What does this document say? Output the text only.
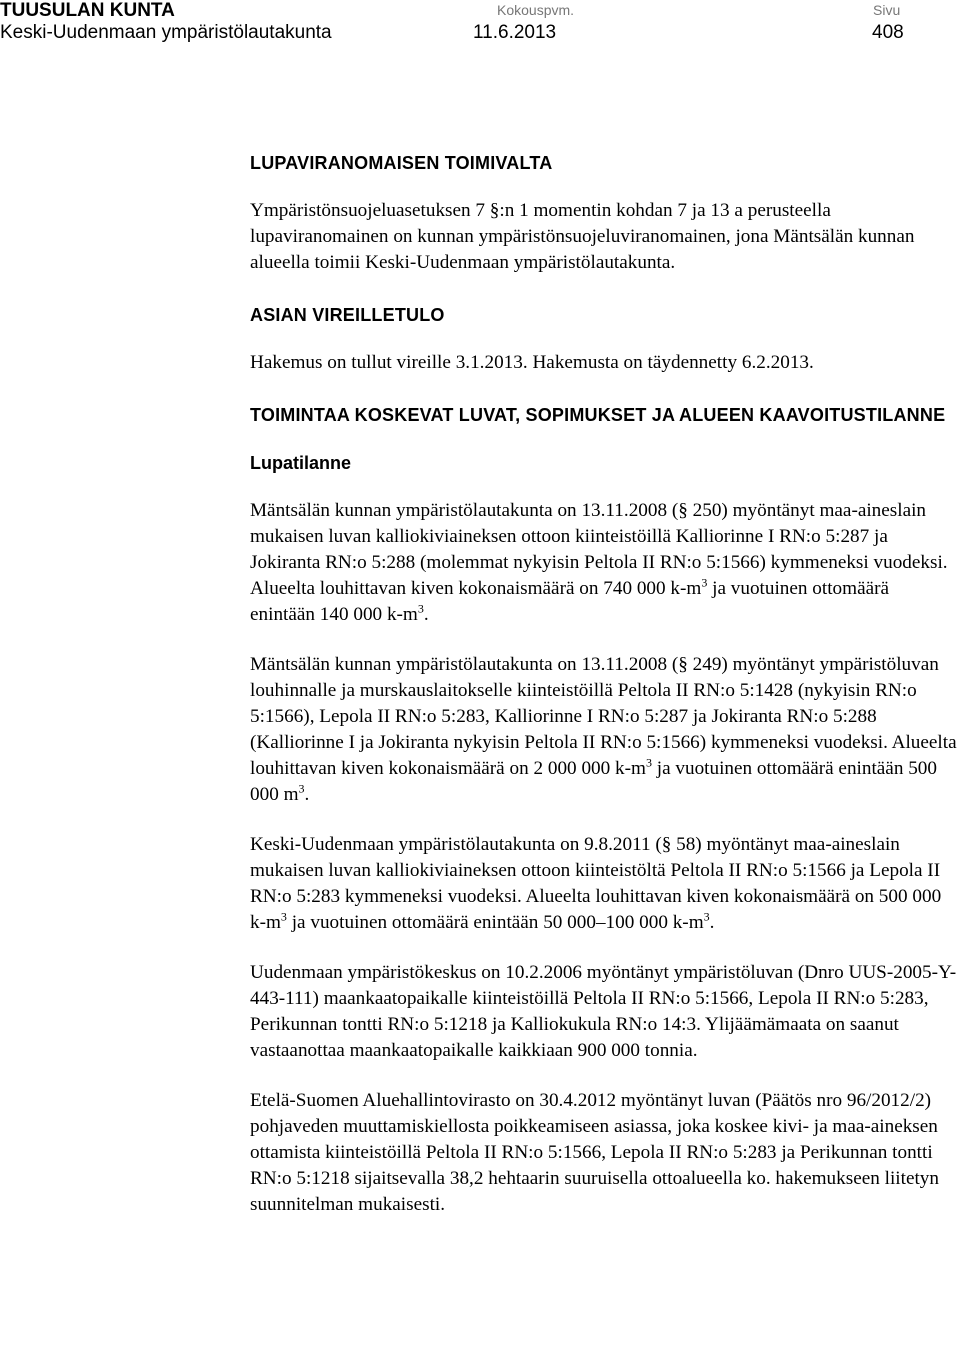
TUUSULAN KUNTA
Keski-Uudenmaan ympäristölautakunta
Kokouspvm.
11.6.2013
Sivu
408
LUPAVIRANOMAISEN TOIMIVALTA

Ympäristönsuojeluasetuksen 7 §:n 1 momentin kohdan 7 ja 13 a perusteella lupaviranomainen on kunnan ympäristönsuojeluviranomainen, jona Mäntsälän kunnan alueella toimii Keski-Uudenmaan ympäristölautakunta.

ASIAN VIREILLETULO

Hakemus on tullut vireille 3.1.2013. Hakemusta on täydennetty 6.2.2013.

TOIMINTAA KOSKEVAT LUVAT, SOPIMUKSET JA ALUEEN KAAVOITUSTILANNE
Lupatilanne

Mäntsälän kunnan ympäristölautakunta on 13.11.2008 (§ 250) myöntänyt maa-aineslain mukaisen luvan kalliokiviaineksen ottoon kiinteistöillä Kalliorinne I RN:o 5:287 ja Jokiranta RN:o 5:288 (molemmat nykyisin Peltola II RN:o 5:1566) kymmeneksi vuodeksi. Alueelta louhittavan kiven kokonaismäärä on 740 000 $k-m^3$ ja vuotuinen ottomäärä enintään 140 000 $k-m^3$.

Mäntsälän kunnan ympäristölautakunta on 13.11.2008 (§ 249) myöntänyt ympäristöluvan louhinnalle ja murskauslaitokselle kiinteistöillä Peltola II RN:o 5:1428 (nykyisin RN:o 5:1566), Lepola II RN:o 5:283, Kalliorinne I RN:o 5:287 ja Jokiranta RN:o 5:288 (Kalliorinne I ja Jokiranta nykyisin Peltola II RN:o 5:1566) kymmeneksi vuodeksi. Alueelta louhittavan kiven kokonaismäärä on 2 000 000 $k-m^3$ ja vuotuinen ottomäärä enintään 500 000 $m^3$.

Keski-Uudenmaan ympäristölautakunta on 9.8.2011 (§ 58) myöntänyt maa-aineslain mukaisen luvan kalliokiviaineksen ottoon kiinteistöltä Peltola II RN:o 5:1566 ja Lepola II RN:o 5:283 kymmeneksi vuodeksi. Alueelta louhittavan kiven kokonaismäärä on 500 000 $k-m^3$ ja vuotuinen ottomäärä enintään 50 000–100 000 $k-m^3$.

Uudenmaan ympäristökeskus on 10.2.2006 myöntänyt ympäristöluvan (Dnro UUS-2005-Y-443-111) maankaatopaikalle kiinteistöillä Peltola II RN:o 5:1566, Lepola II RN:o 5:283, Perikunnan tontti RN:o 5:1218 ja Kalliokukula RN:o 14:3. Ylijäämämaata on saanut vastaanottaa maankaatopaikalle kaikkiaan 900 000 tonnia.

Etelä-Suomen Aluehallintovirasto on 30.4.2012 myöntänyt luvan (Päätös nro 96/2012/2) pohjaveden muuttamiskiellosta poikkeamiseen asiassa, joka koskee kivi- ja maa-aineksen ottamista kiinteistöillä Peltola II RN:o 5:1566, Lepola II RN:o 5:283 ja Perikunnan tontti RN:o 5:1218 sijaitsevalla 38,2 hehtaarin suuruisella ottoalueella ko. hakemukseen liitetyn suunnitelman mukaisesti.
